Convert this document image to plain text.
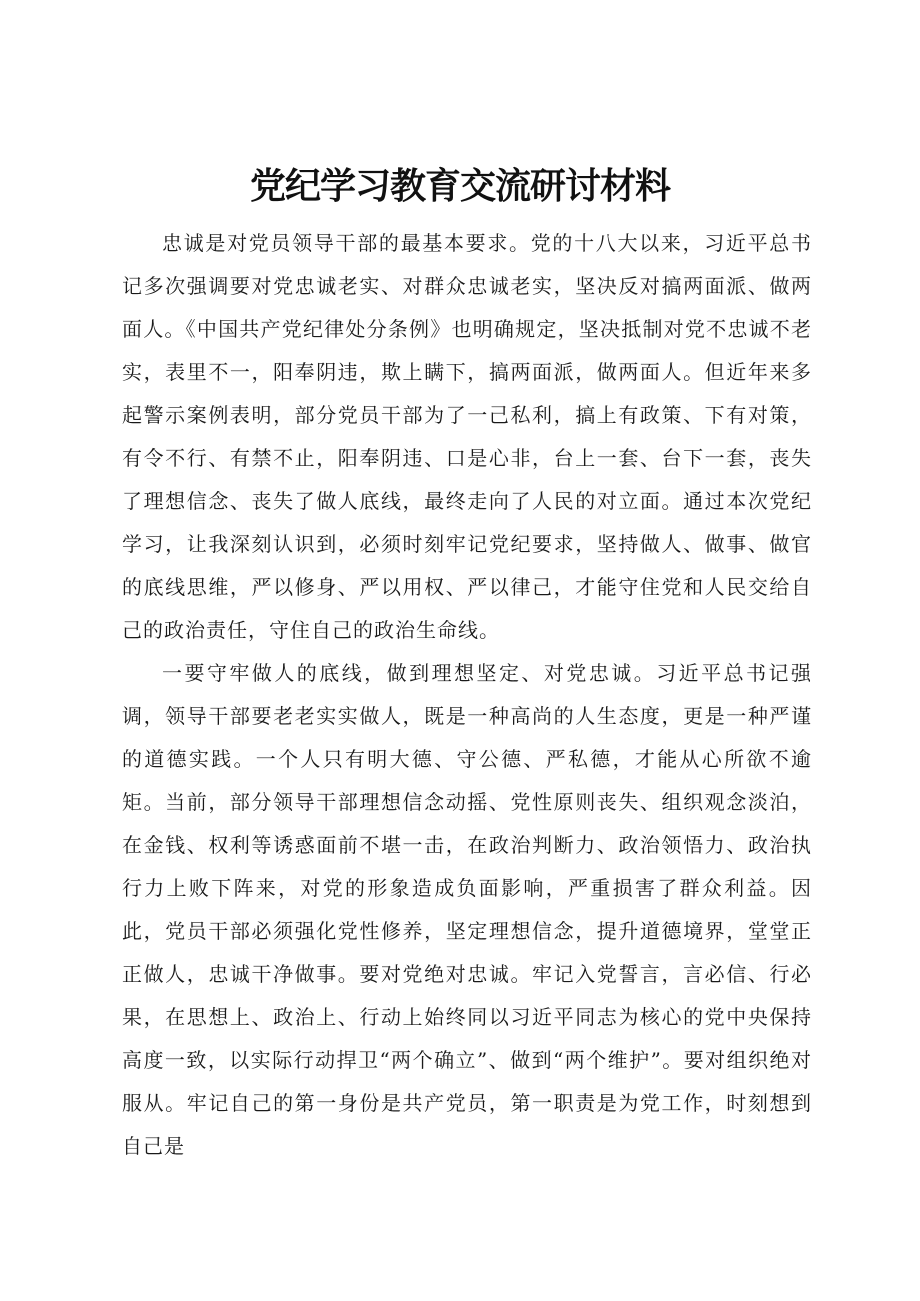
党纪学习教育交流研讨材料

忠诚是对党员领导干部的最基本要求。党的十八大以来，习近平总书记多次强调要对党忠诚老实、对群众忠诚老实，坚决反对搞两面派、做两面人。《中国共产党纪律处分条例》也明确规定，坚决抵制对党不忠诚不老实，表里不一，阳奉阴违，欺上瞒下，搞两面派，做两面人。但近年来多起警示案例表明，部分党员干部为了一己私利，搞上有政策、下有对策，有令不行、有禁不止，阳奉阴违、口是心非，台上一套、台下一套，丧失了理想信念、丧失了做人底线，最终走向了人民的对立面。通过本次党纪学习，让我深刻认识到，必须时刻牢记党纪要求，坚持做人、做事、做官的底线思维，严以修身、严以用权、严以律己，才能守住党和人民交给自己的政治责任，守住自己的政治生命线。

一要守牢做人的底线，做到理想坚定、对党忠诚。习近平总书记强调，领导干部要老老实实做人，既是一种高尚的人生态度，更是一种严谨的道德实践。一个人只有明大德、守公德、严私德，才能从心所欲不逾矩。当前，部分领导干部理想信念动摇、党性原则丧失、组织观念淡泊，在金钱、权利等诱惑面前不堪一击，在政治判断力、政治领悟力、政治执行力上败下阵来，对党的形象造成负面影响，严重损害了群众利益。因此，党员干部必须强化党性修养，坚定理想信念，提升道德境界，堂堂正正做人，忠诚干净做事。要对党绝对忠诚。牢记入党誓言，言必信、行必果，在思想上、政治上、行动上始终同以习近平同志为核心的党中央保持高度一致，以实际行动捍卫“两个确立”、做到“两个维护”。要对组织绝对服从。牢记自己的第一身份是共产党员，第一职责是为党工作，时刻想到自己是
